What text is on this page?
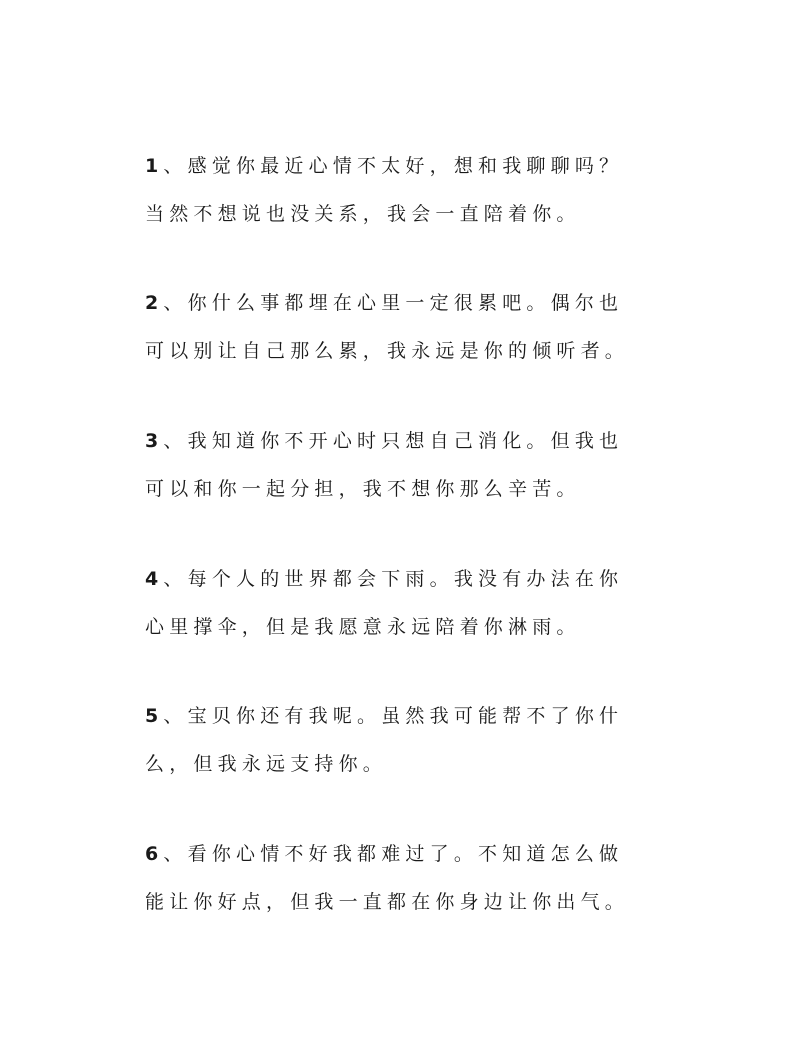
1、感觉你最近心情不太好，想和我聊聊吗？
当然不想说也没关系，我会一直陪着你。
2、你什么事都埋在心里一定很累吧。偶尔也
可以别让自己那么累，我永远是你的倾听者。
3、我知道你不开心时只想自己消化。但我也
可以和你一起分担，我不想你那么辛苦。
4、每个人的世界都会下雨。我没有办法在你
心里撑伞，但是我愿意永远陪着你淋雨。
5、宝贝你还有我呢。虽然我可能帮不了你什
么，但我永远支持你。
6、看你心情不好我都难过了。不知道怎么做
能让你好点，但我一直都在你身边让你出气。
